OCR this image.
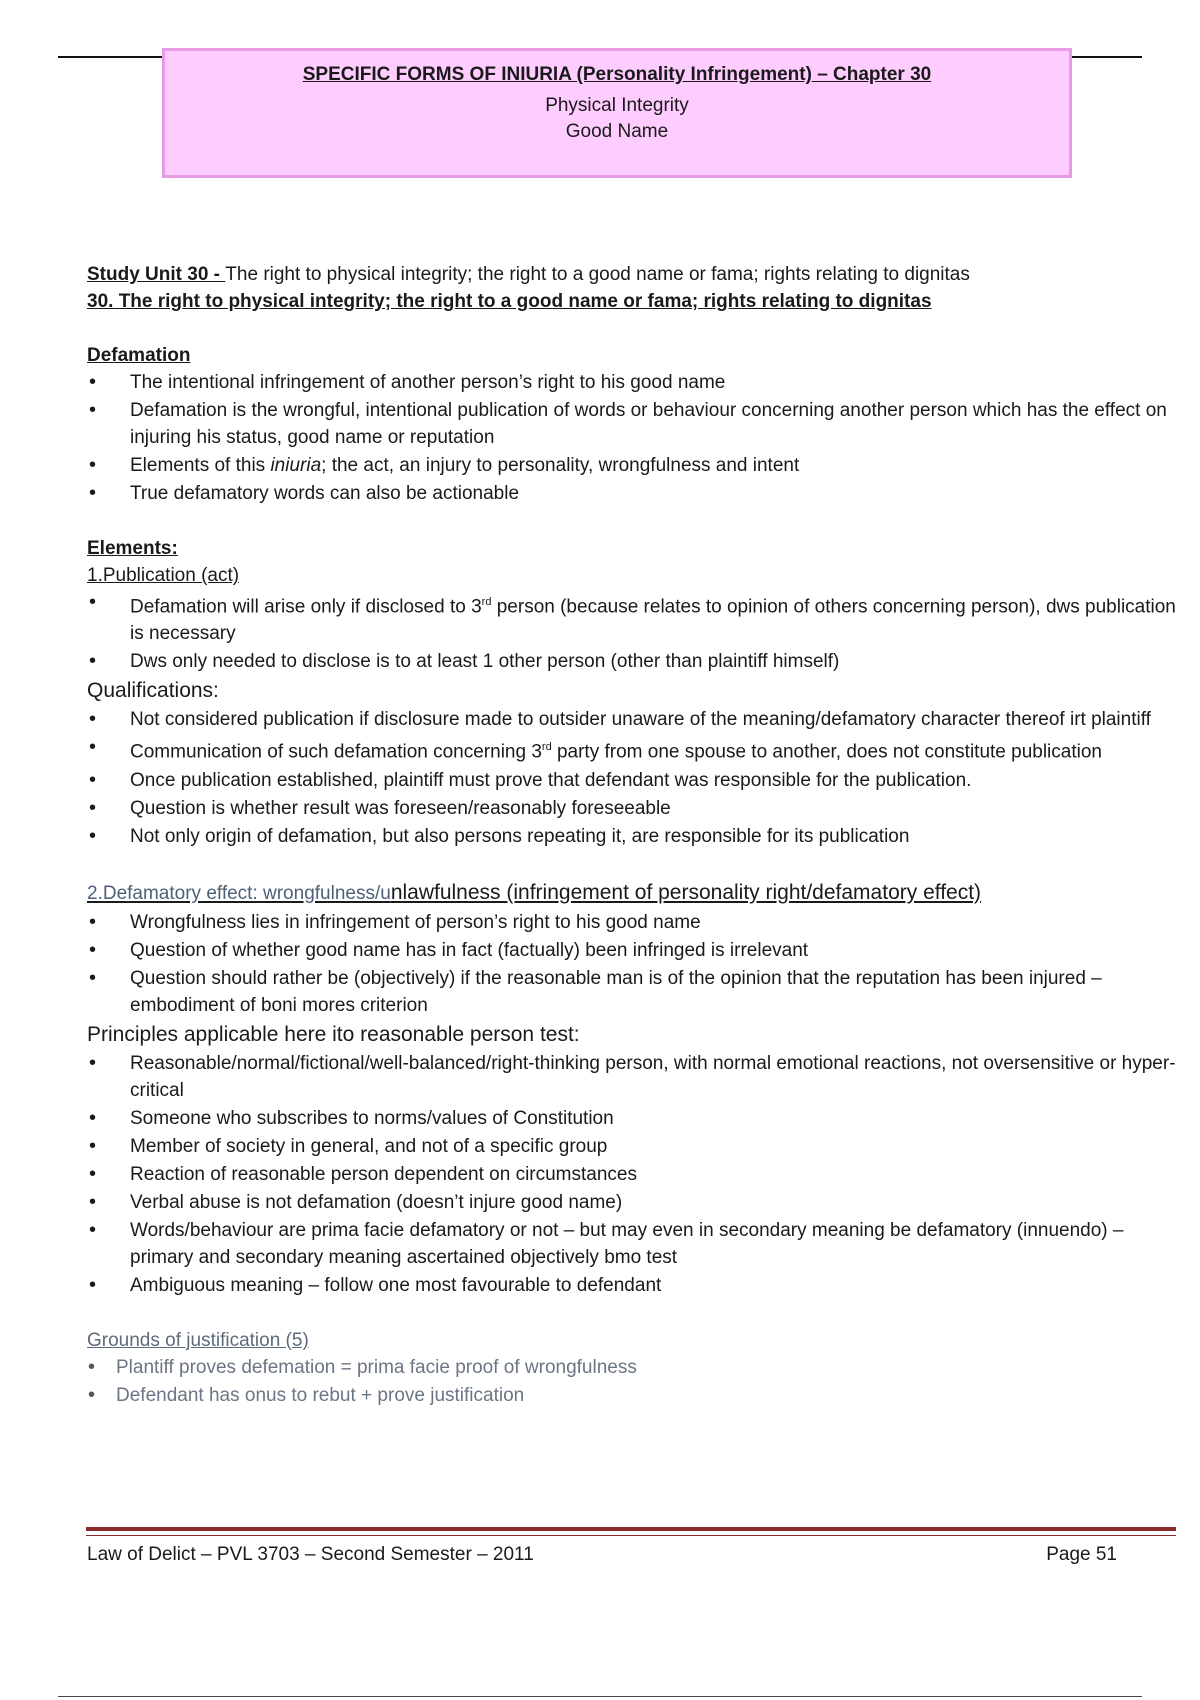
SPECIFIC FORMS OF INIURIA (Personality Infringement) – Chapter 30
Physical Integrity
Good Name
Study Unit 30 - The right to physical integrity; the right to a good name or fama; rights relating to dignitas
30. The right to physical integrity; the right to a good name or fama; rights relating to dignitas
Defamation
• The intentional infringement of another person’s right to his good name
• Defamation is the wrongful, intentional publication of words or behaviour concerning another person which has the effect on injuring his status, good name or reputation
• Elements of this iniuria; the act, an injury to personality, wrongfulness and intent
• True defamatory words can also be actionable
Elements:
1.Publication (act)
• Defamation will arise only if disclosed to 3rd person (because relates to opinion of others concerning person), dws publication is necessary
• Dws only needed to disclose is to at least 1 other person (other than plaintiff himself)
Qualifications:
• Not considered publication if disclosure made to outsider unaware of the meaning/defamatory character thereof irt plaintiff
• Communication of such defamation concerning 3rd party from one spouse to another, does not constitute publication
• Once publication established, plaintiff must prove that defendant was responsible for the publication.
• Question is whether result was foreseen/reasonably foreseeable
• Not only origin of defamation, but also persons repeating it, are responsible for its publication
2.Defamatory effect: wrongfulness/unlawfulness (infringement of personality right/defamatory effect)
• Wrongfulness lies in infringement of person’s right to his good name
• Question of whether good name has in fact (factually) been infringed is irrelevant
• Question should rather be (objectively) if the reasonable man is of the opinion that the reputation has been injured – embodiment of boni mores criterion
Principles applicable here ito reasonable person test:
• Reasonable/normal/fictional/well-balanced/right-thinking person, with normal emotional reactions, not oversensitive or hyper-critical
• Someone who subscribes to norms/values of Constitution
• Member of society in general, and not of a specific group
• Reaction of reasonable person dependent on circumstances
• Verbal abuse is not defamation (doesn’t injure good name)
• Words/behaviour are prima facie defamatory or not – but may even in secondary meaning be defamatory (innuendo) – primary and secondary meaning ascertained objectively bmo test
• Ambiguous meaning – follow one most favourable to defendant
Grounds of justification (5)
• Plantiff proves defemation = prima facie proof of wrongfulness
• Defendant has onus to rebut + prove justification
Law of Delict – PVL 3703 – Second Semester – 2011	Page 51
